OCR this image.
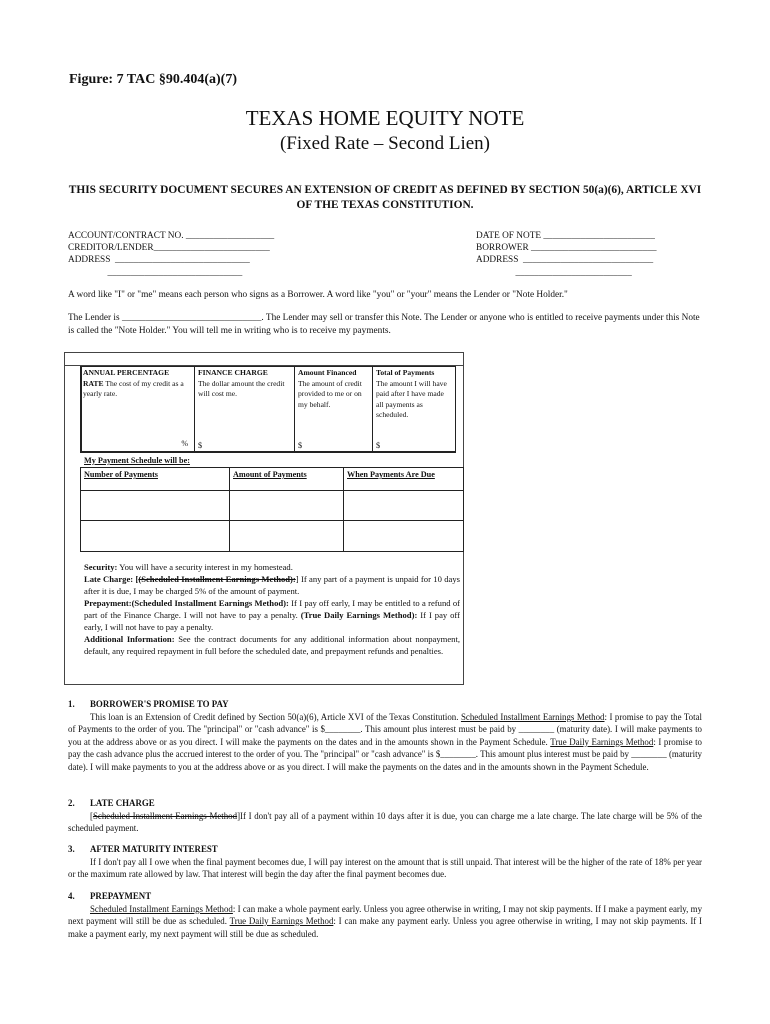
Figure: 7 TAC §90.404(a)(7)
TEXAS HOME EQUITY NOTE
(Fixed Rate – Second Lien)
THIS SECURITY DOCUMENT SECURES AN EXTENSION OF CREDIT AS DEFINED BY SECTION 50(a)(6), ARTICLE XVI OF THE TEXAS CONSTITUTION.
ACCOUNT/CONTRACT NO. ___________________
CREDITOR/LENDER_________________________
ADDRESS  _____________________________
_____________________________
DATE OF NOTE ________________________
BORROWER ___________________________
ADDRESS  ____________________________
_________________________
A word like "I" or "me" means each person who signs as a Borrower. A word like "you" or "your" means the Lender or "Note Holder."
The Lender is ______________________________. The Lender may sell or transfer this Note. The Lender or anyone who is entitled to receive payments under this Note is called the "Note Holder." You will tell me in writing who is to receive my payments.
ANNUAL PERCENTAGE RATE The cost of my credit as a yearly rate.
%
FINANCE CHARGE
The dollar amount the credit will cost me.
$
Amount Financed
The amount of credit provided to me or on my behalf.
$
Total of Payments
The amount I will have paid after I have made all payments as scheduled.
$
My Payment Schedule will be:
Number of Payments	Amount of Payments	When Payments Are Due

Security: You will have a security interest in my homestead.
Late Charge: [(Scheduled Installment Earnings Method):] If any part of a payment is unpaid for 10 days after it is due, I may be charged 5% of the amount of payment.
Prepayment:(Scheduled Installment Earnings Method): If I pay off early, I may be entitled to a refund of part of the Finance Charge. I will not have to pay a penalty. (True Daily Earnings Method): If I pay off early, I will not have to pay a penalty.
Additional Information: See the contract documents for any additional information about nonpayment, default, any required repayment in full before the scheduled date, and prepayment refunds and penalties.
1. BORROWER'S PROMISE TO PAY
This loan is an Extension of Credit defined by Section 50(a)(6), Article XVI of the Texas Constitution. Scheduled Installment Earnings Method: I promise to pay the Total of Payments to the order of you. The "principal" or "cash advance" is $________. This amount plus interest must be paid by ________ (maturity date). I will make payments to you at the address above or as you direct. I will make the payments on the dates and in the amounts shown in the Payment Schedule. True Daily Earnings Method: I promise to pay the cash advance plus the accrued interest to the order of you. The "principal" or "cash advance" is $________. This amount plus interest must be paid by ________ (maturity date). I will make payments to you at the address above or as you direct. I will make the payments on the dates and in the amounts shown in the Payment Schedule.
2. LATE CHARGE
[Scheduled Installment Earnings Method]If I don't pay all of a payment within 10 days after it is due, you can charge me a late charge. The late charge will be 5% of the scheduled payment.
3. AFTER MATURITY INTEREST
If I don't pay all I owe when the final payment becomes due, I will pay interest on the amount that is still unpaid. That interest will be the higher of the rate of 18% per year or the maximum rate allowed by law. That interest will begin the day after the final payment becomes due.
4. PREPAYMENT
Scheduled Installment Earnings Method: I can make a whole payment early. Unless you agree otherwise in writing, I may not skip payments. If I make a payment early, my next payment will still be due as scheduled. True Daily Earnings Method: I can make any payment early. Unless you agree otherwise in writing, I may not skip payments. If I make a payment early, my next payment will still be due as scheduled.
